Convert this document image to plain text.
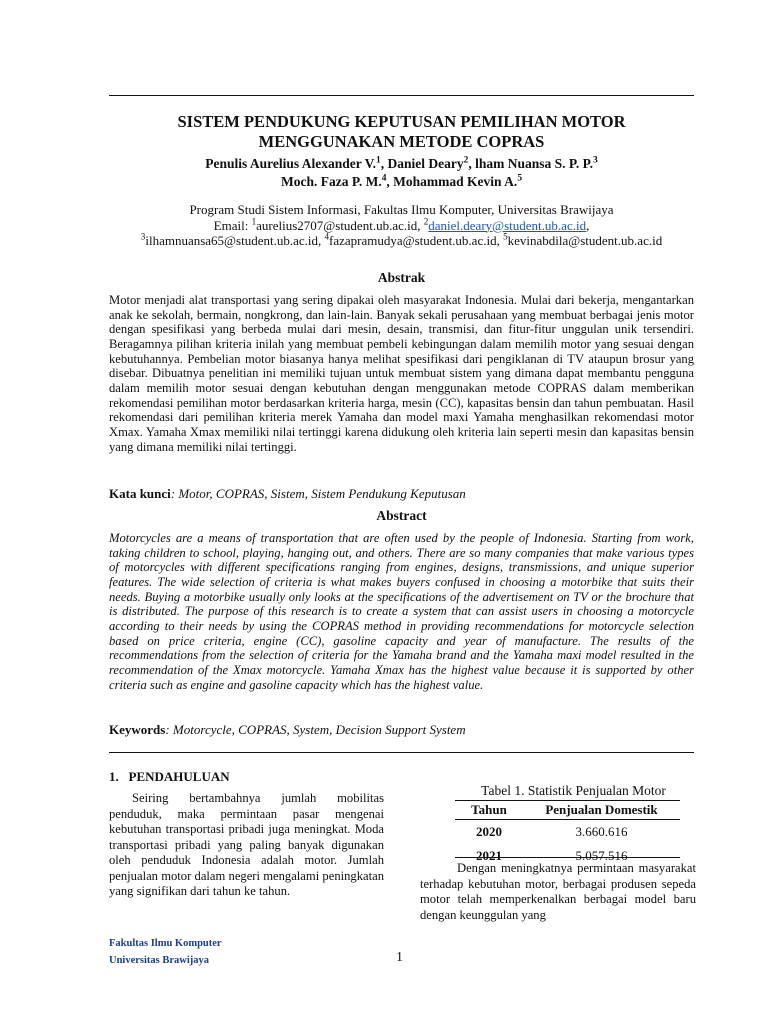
SISTEM PENDUKUNG KEPUTUSAN PEMILIHAN MOTOR
MENGGUNAKAN METODE COPRAS
Penulis Aurelius Alexander V.$^1$, Daniel Deary$^2$, lham Nuansa S. P. P.$^3$
Moch. Faza P. M.$^4$, Mohammad Kevin A.$^5$
Program Studi Sistem Informasi, Fakultas Ilmu Komputer, Universitas Brawijaya
Email: $^1$aurelius2707@student.ub.ac.id, $^2$daniel.deary@student.ub.ac.id,
$^3$ilhamnuansa65@student.ub.ac.id, $^4$fazapramudya@student.ub.ac.id, $^5$kevinabdila@student.ub.ac.id
Abstrak

Motor menjadi alat transportasi yang sering dipakai oleh masyarakat Indonesia. Mulai dari bekerja, mengantarkan anak ke sekolah, bermain, nongkrong, dan lain-lain. Banyak sekali perusahaan yang membuat berbagai jenis motor dengan spesifikasi yang berbeda mulai dari mesin, desain, transmisi, dan fitur-fitur unggulan unik tersendiri. Beragamnya pilihan kriteria inilah yang membuat pembeli kebingungan dalam memilih motor yang sesuai dengan kebutuhannya. Pembelian motor biasanya hanya melihat spesifikasi dari pengiklanan di TV ataupun brosur yang disebar. Dibuatnya penelitian ini memiliki tujuan untuk membuat sistem yang dimana dapat membantu pengguna dalam memilih motor sesuai dengan kebutuhan dengan menggunakan metode COPRAS dalam memberikan rekomendasi pemilihan motor berdasarkan kriteria harga, mesin (CC), kapasitas bensin dan tahun pembuatan. Hasil rekomendasi dari pemilihan kriteria merek Yamaha dan model maxi Yamaha menghasilkan rekomendasi motor Xmax. Yamaha Xmax memiliki nilai tertinggi karena didukung oleh kriteria lain seperti mesin dan kapasitas bensin yang dimana memiliki nilai tertinggi.

Kata kunci: Motor, COPRAS, Sistem, Sistem Pendukung Keputusan

Abstract

Motorcycles are a means of transportation that are often used by the people of Indonesia. Starting from work, taking children to school, playing, hanging out, and others. There are so many companies that make various types of motorcycles with different specifications ranging from engines, designs, transmissions, and unique superior features. The wide selection of criteria is what makes buyers confused in choosing a motorbike that suits their needs. Buying a motorbike usually only looks at the specifications of the advertisement on TV or the brochure that is distributed. The purpose of this research is to create a system that can assist users in choosing a motorcycle according to their needs by using the COPRAS method in providing recommendations for motorcycle selection based on price criteria, engine (CC), gasoline capacity and year of manufacture. The results of the recommendations from the selection of criteria for the Yamaha brand and the Yamaha maxi model resulted in the recommendation of the Xmax motorcycle. Yamaha Xmax has the highest value because it is supported by other criteria such as engine and gasoline capacity which has the highest value.

Keywords: Motorcycle, COPRAS, System, Decision Support System

1.   PENDAHULUAN

Seiring bertambahnya jumlah mobilitas penduduk, maka permintaan pasar mengenai kebutuhan transportasi pribadi juga meningkat. Moda transportasi pribadi yang paling banyak digunakan oleh penduduk Indonesia adalah motor. Jumlah penjualan motor dalam negeri mengalami peningkatan yang signifikan dari tahun ke tahun.

Tabel 1. Statistik Penjualan Motor
Tahun	Penjualan Domestik
2020	3.660.616
2021	5.057.516

Dengan meningkatnya permintaan masyarakat terhadap kebutuhan motor, berbagai produsen sepeda motor telah memperkenalkan berbagai model baru dengan keunggulan yang

Fakultas Ilmu Komputer
Universitas Brawijaya	1
